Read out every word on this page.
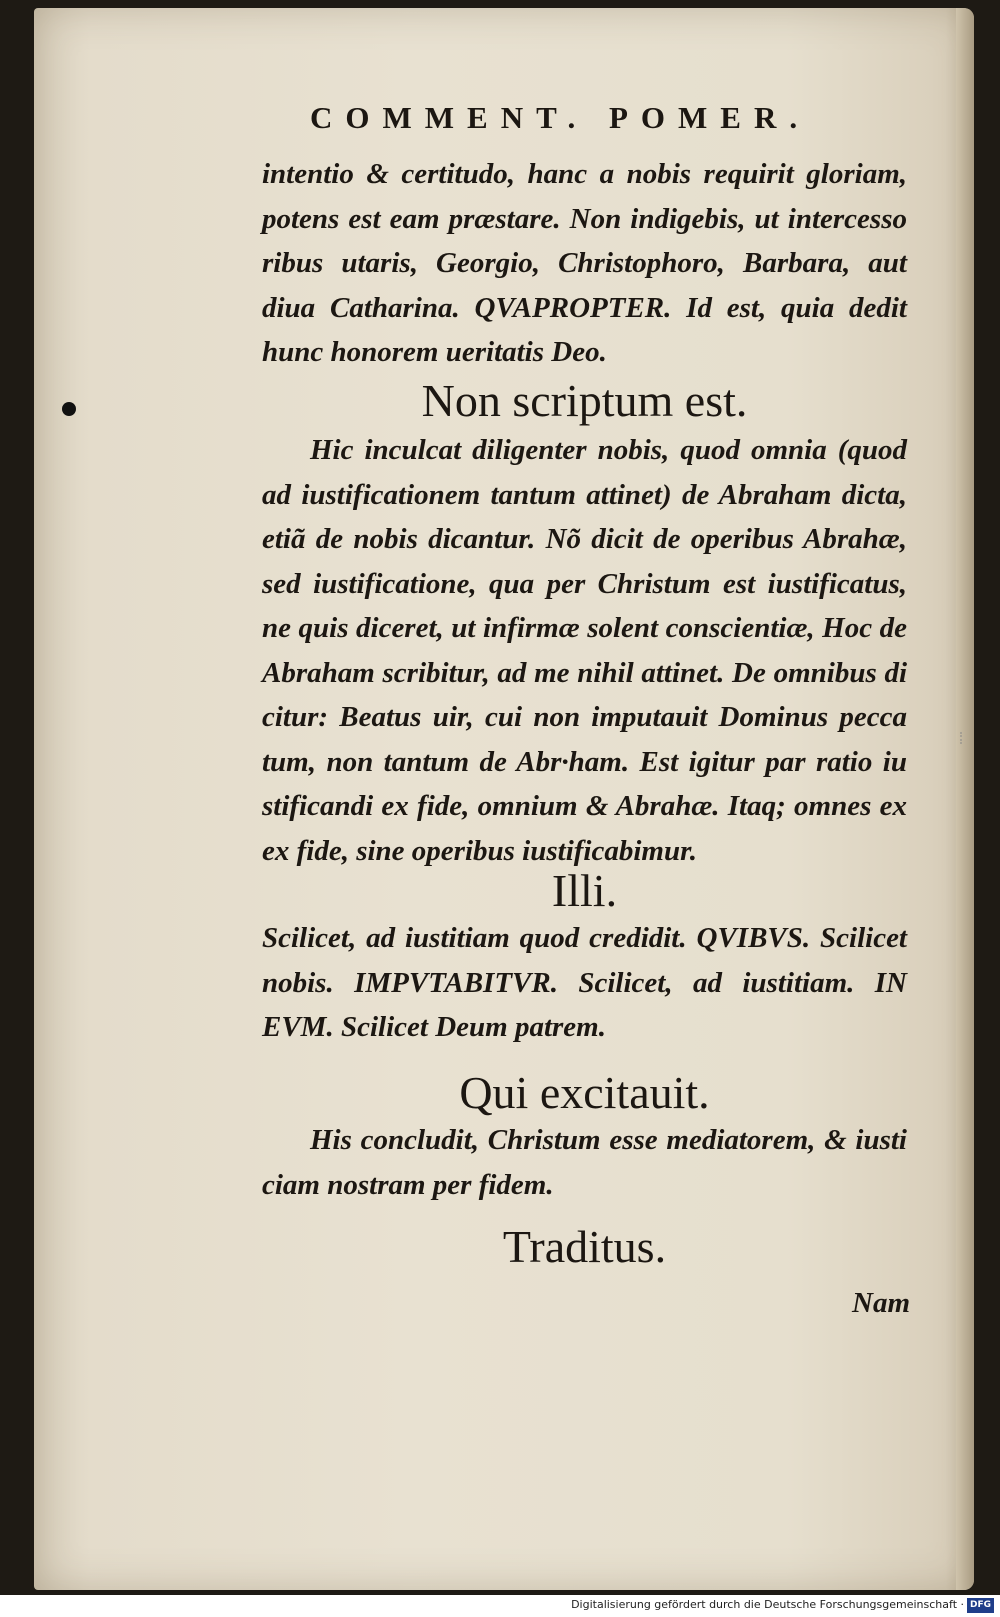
COMMENT. POMER.
intentio & certitudo, hanc a nobis requirit gloriam, potens est eam præstare. Non indigebis, ut intercesso ribus utaris, Georgio, Christophoro, Barbara, aut diua Catharina. QVAPROPTER. Id est, quia dedit hunc honorem ueritatis Deo.
Non scriptum est.
Hic inculcat diligenter nobis, quod omnia (quod ad iustificationem tantum attinet) de Abraham dicta, etiã de nobis dicantur. Nõ dicit de operibus Abrahæ, sed iustificatione, qua per Christum est iustificatus, ne quis diceret, ut infirmæ solent conscientiæ, Hoc de Abraham scribitur, ad me nihil attinet. De omnibus di citur: Beatus uir, cui non imputauit Dominus pecca tum, non tantum de Abr·ham. Est igitur par ratio iu stificandi ex fide, omnium & Abrahæ. Itaq; omnes ex ex fide, sine operibus iustificabimur.
Illi.
Scilicet, ad iustitiam quod credidit. QVIBVS. Scilicet nobis. IMPVTABITVR. Scilicet, ad iustitiam. IN EVM. Scilicet Deum patrem.
Qui excitauit.
His concludit, Christum esse mediatorem, & iusti ciam nostram per fidem.
Traditus.
Nam
Digitalisierung gefördert durch die Deutsche Forschungsgemeinschaft · DFG
